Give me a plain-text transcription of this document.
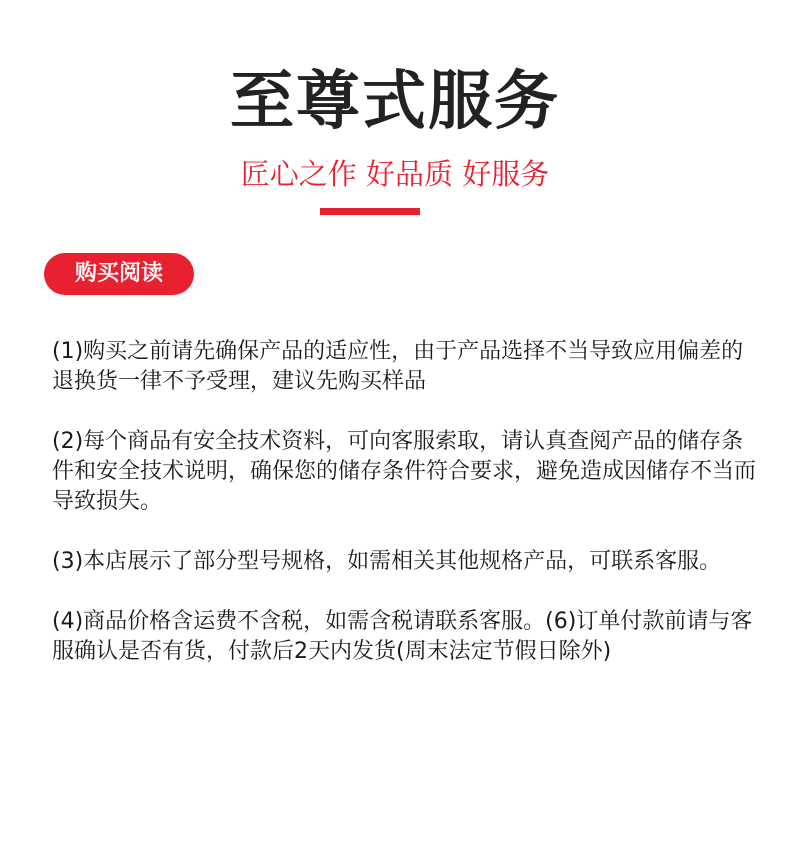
至尊式服务
匠心之作 好品质 好服务
购买阅读
(1)购买之前请先确保产品的适应性，由于产品选择不当导致应用偏差的退换货一律不予受理，建议先购买样品
(2)每个商品有安全技术资料，可向客服索取，请认真查阅产品的储存条件和安全技术说明，确保您的储存条件符合要求，避免造成因储存不当而导致损失。
(3)本店展示了部分型号规格，如需相关其他规格产品，可联系客服。
(4)商品价格含运费不含税，如需含税请联系客服。(6)订单付款前请与客服确认是否有货，付款后2天内发货(周末法定节假日除外)
